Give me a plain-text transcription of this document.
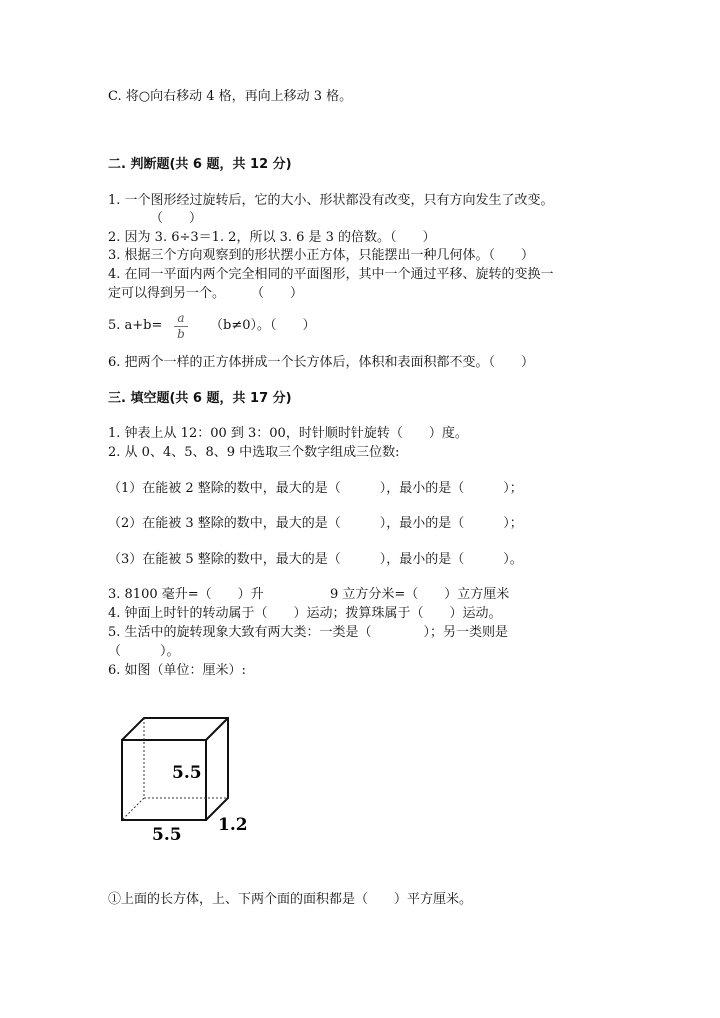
C. 将○向右移动 4 格，再向上移动 3 格。
二. 判断题(共 6 题，共 12 分)
1. 一个图形经过旋转后，它的大小、形状都没有改变，只有方向发生了改变。
（　　）
2. 因为 3. 6÷3＝1. 2，所以 3. 6 是 3 的倍数。（　　）
3. 根据三个方向观察到的形状摆小正方体，只能摆出一种几何体。（　　）
4. 在同一平面内两个完全相同的平面图形，其中一个通过平移、旋转的变换一
定可以得到另一个。　　　（　　）
5. a+b= a
b
（b≠0）。（　　）
6. 把两个一样的正方体拼成一个长方体后，体积和表面积都不变。（　　）
三. 填空题(共 6 题，共 17 分)
1. 钟表上从 12：00 到 3：00，时针顺时针旋转（　　）度。
2. 从 0、4、5、8、9 中选取三个数字组成三位数:
（1）在能被 2 整除的数中，最大的是（　　　），最小的是（　　　）；
（2）在能被 3 整除的数中，最大的是（　　　），最小的是（　　　）；
（3）在能被 5 整除的数中，最大的是（　　　），最小的是（　　　）。
3. 8100 毫升=（　　）升	9 立方分米=（　　）立方厘米
4. 钟面上时针的转动属于（　　）运动；拨算珠属于（　　）运动。
5. 生活中的旋转现象大致有两大类：一类是（　　　　）；另一类则是
（　　　）。
6. 如图（单位：厘米）:
5.5
5.5 1.2
①上面的长方体，上、下两个面的面积都是（　　）平方厘米。
